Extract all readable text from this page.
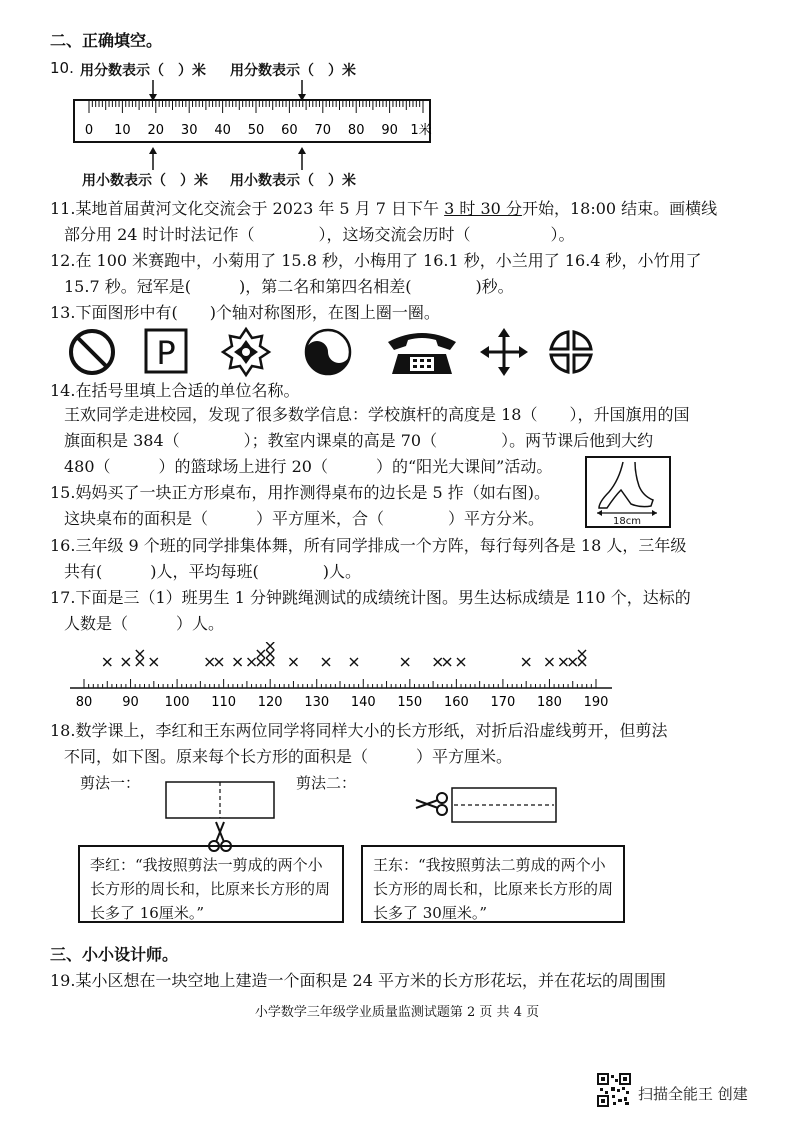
二、正确填空。
10. 用分数表示（　）米 用分数表示（　）米
0 10 20 30 40 50 60 70 80 90 1米
用小数表示（　）米 用小数表示（　）米
11.某地首届黄河文化交流会于 2023 年 5 月 7 日下午 3 时 30 分开始，18:00 结束。画横线
部分用 24 时计时法记作（　　　　），这场交流会历时（　　　　　）。
12.在 100 米赛跑中，小菊用了 15.8 秒，小梅用了 16.1 秒，小兰用了 16.4 秒，小竹用了
15.7 秒。冠军是(　　　)，第二名和第四名相差(　　　　)秒。
13.下面图形中有(　　)个轴对称图形，在图上圈一圈。
P
14.在括号里填上合适的单位名称。
王欢同学走进校园，发现了很多数学信息：学校旗杆的高度是 18（　　），升国旗用的国
旗面积是 384（　　　　）；教室内课桌的高是 70（　　　　）。两节课后他到大约
480（　　　）的篮球场上进行 20（　　　）的“阳光大课间”活动。
15.妈妈买了一块正方形桌布，用拃测得桌布的边长是 5 拃（如右图)。
这块桌布的面积是（　　　）平方厘米，合（　　　　）平方分米。	18cm
16.三年级 9 个班的同学排集体舞，所有同学排成一个方阵，每行每列各是 18 人，三年级
共有(　　　)人，平均每班(　　　　)人。
17.下面是三（1）班男生 1 分钟跳绳测试的成绩统计图。男生达标成绩是 110 个，达标的
人数是（　　　）人。
80 90 100 110 120 130 140 150 160 170 180 190
18.数学课上，李红和王东两位同学将同样大小的长方形纸，对折后沿虚线剪开，但剪法
不同，如下图。原来每个长方形的面积是（　　　）平方厘米。
剪法一：	剪法二：
李红：“我按照剪法一剪成的两个小长方形的周长和，比原来长方形的周长多了 16厘米。”
王东：“我按照剪法二剪成的两个小长方形的周长和，比原来长方形的周长多了 30厘米。”
三、小小设计师。
19.某小区想在一块空地上建造一个面积是 24 平方米的长方形花坛，并在花坛的周围围
小学数学三年级学业质量监测试题第 2 页 共 4 页
扫描全能王 创建
